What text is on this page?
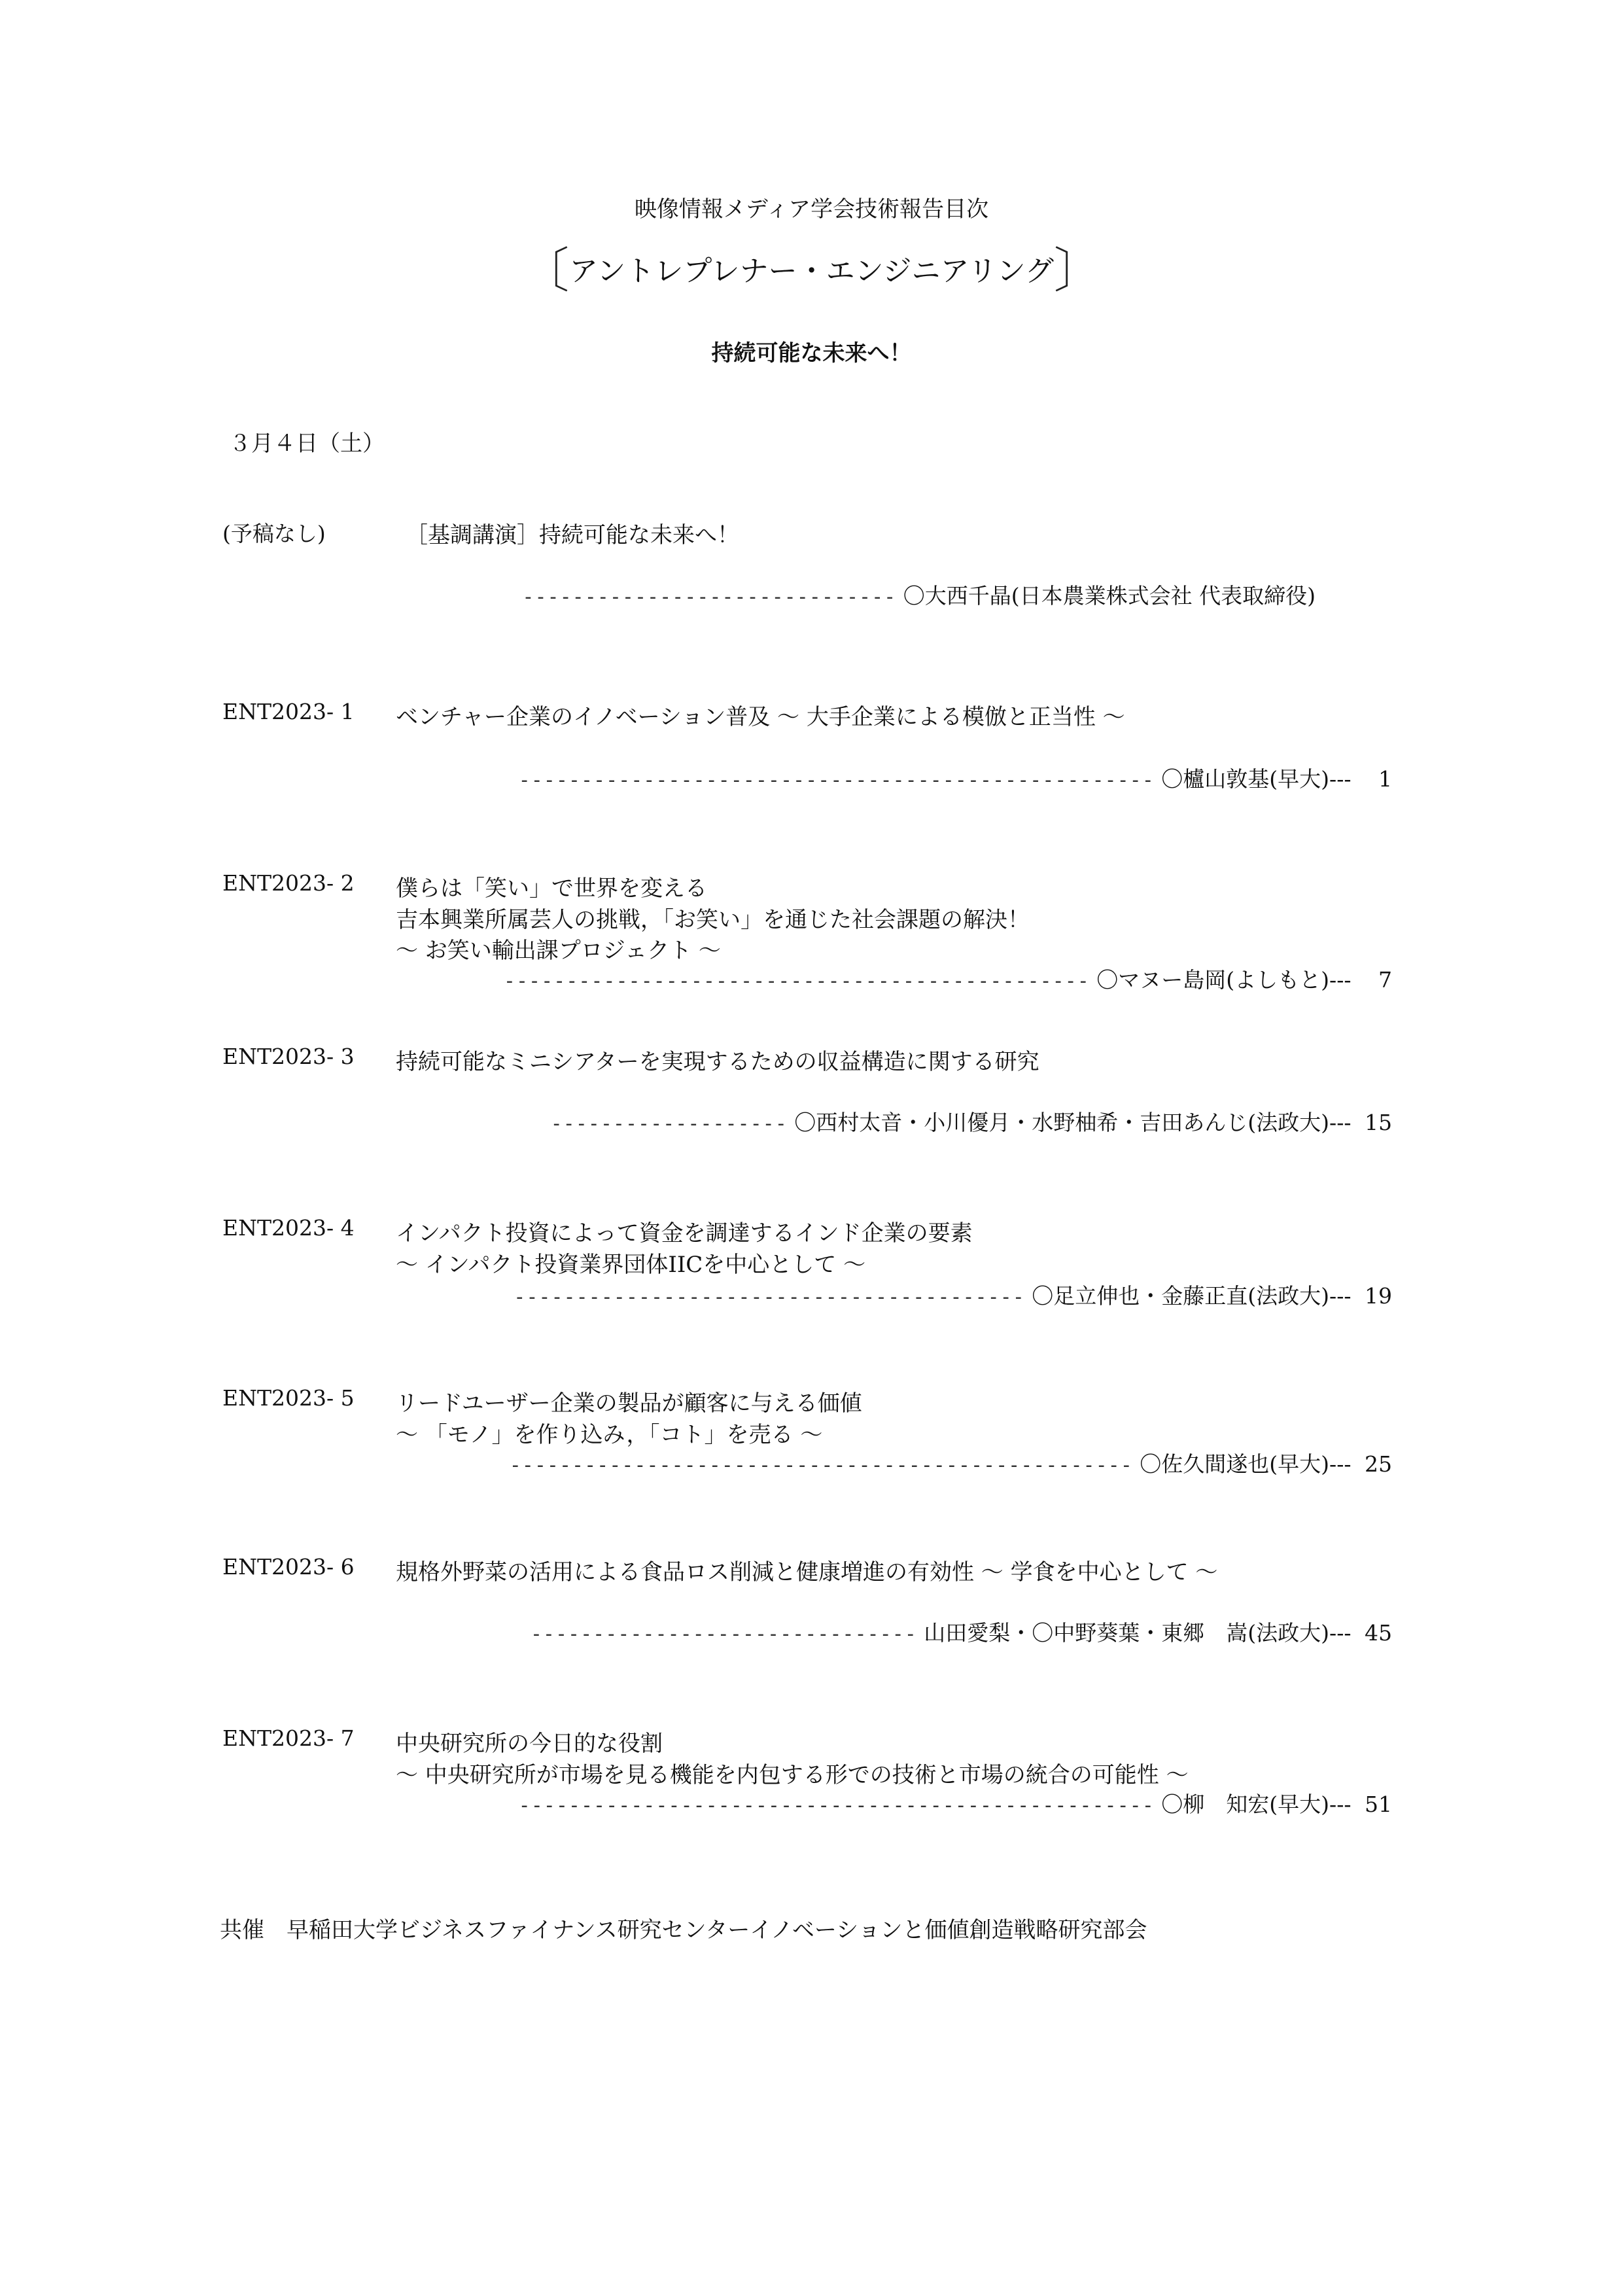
映像情報メディア学会技術報告目次
〔アントレプレナー・エンジニアリング〕
持続可能な未来へ！
３月４日（土）
(予稿なし)	［基調講演］持続可能な未来へ！
------------------------------ 〇大西千晶(日本農業株式会社 代表取締役)
ENT2023- 1 ベンチャー企業のイノベーション普及 ～ 大手企業による模倣と正当性 ～
--------------------------------------------------- 〇櫨山敦基(早大)--- 1
ENT2023- 2 僕らは「笑い」で世界を変える
吉本興業所属芸人の挑戦，「お笑い」を通じた社会課題の解決！
～ お笑い輸出課プロジェクト ～
----------------------------------------------- 〇マヌー島岡(よしもと)--- 7
ENT2023- 3 持続可能なミニシアターを実現するための収益構造に関する研究
------------------- 〇西村太音・小川優月・水野柚希・吉田あんじ(法政大)--- 15
ENT2023- 4 インパクト投資によって資金を調達するインド企業の要素
～ インパクト投資業界団体IICを中心として ～
----------------------------------------- 〇足立伸也・金藤正直(法政大)--- 19
ENT2023- 5 リードユーザー企業の製品が顧客に与える価値
～ 「モノ」を作り込み，「コト」を売る ～
-------------------------------------------------- 〇佐久間遂也(早大)--- 25
ENT2023- 6 規格外野菜の活用による食品ロス削減と健康増進の有効性 ～ 学食を中心として ～
------------------------------- 山田愛梨・〇中野葵葉・東郷　嵩(法政大)--- 45
ENT2023- 7 中央研究所の今日的な役割
～ 中央研究所が市場を見る機能を内包する形での技術と市場の統合の可能性 ～
--------------------------------------------------- 〇柳　知宏(早大)--- 51
共催　早稲田大学ビジネスファイナンス研究センターイノベーションと価値創造戦略研究部会
